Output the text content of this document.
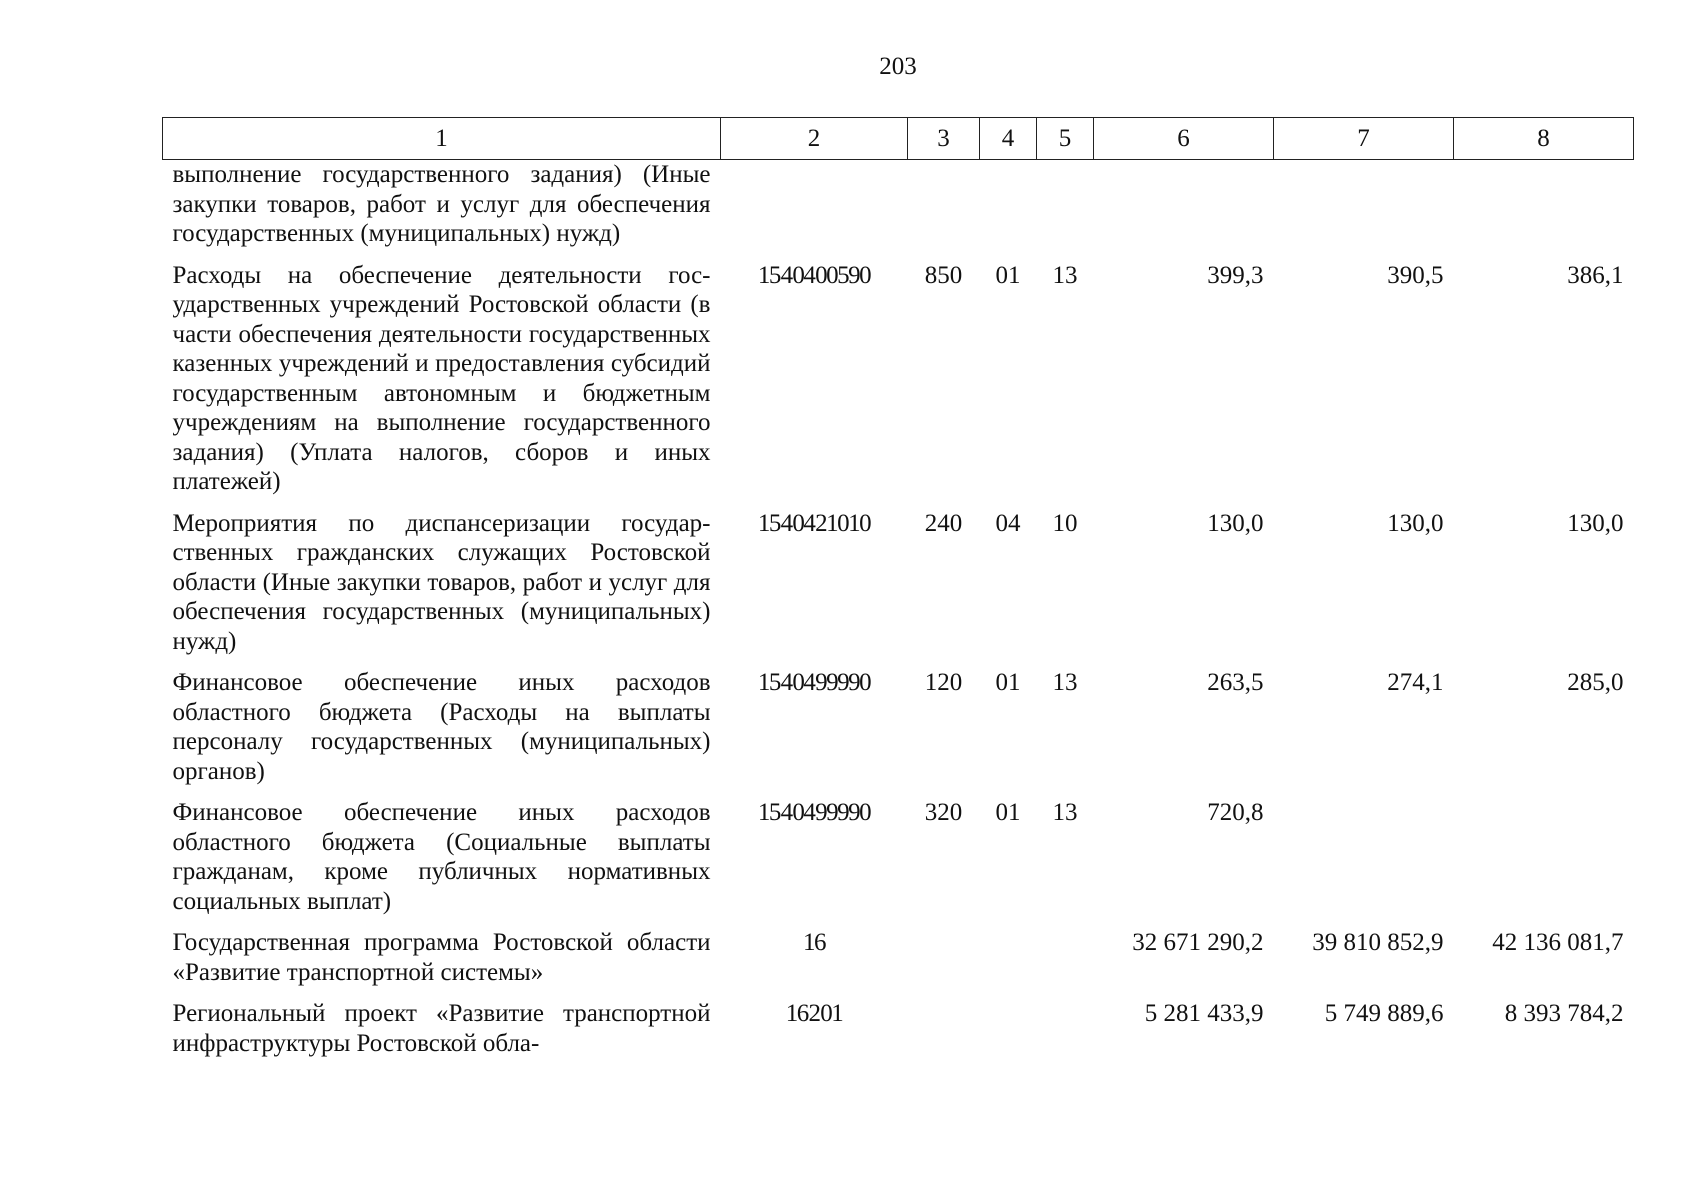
203
1	2	3	4	5	6	7	8
выполнение государственного задания) (Иные закупки товаров, работ и услуг для обеспечения государственных (муниципальных) нужд)							
Расходы на обеспечение деятельности государственных учреждений Ростовской области (в части обеспечения деятельности государственных казенных учреждений и предоставления субсидий государственным автономным и бюджетным учреждениям на выполнение государственного задания) (Уплата налогов, сборов и иных платежей)	15 4 04 00590	850	01	13	399,3	390,5	386,1
Мероприятия по диспансеризации государственных гражданских служащих Ростовской области (Иные закупки товаров, работ и услуг для обеспечения государственных (муниципальных) нужд)	15 4 04 21010	240	04	10	130,0	130,0	130,0
Финансовое обеспечение иных расходов областного бюджета (Расходы на выплаты персоналу государственных (муниципальных) органов)	15 4 04 99990	120	01	13	263,5	274,1	285,0
Финансовое обеспечение иных расходов областного бюджета (Социальные выплаты гражданам, кроме публичных нормативных социальных выплат)	15 4 04 99990	320	01	13	720,8		
Государственная программа Ростовской области «Развитие транспортной системы»	16				32 671 290,2	39 810 852,9	42 136 081,7
Региональный проект «Развитие транспортной инфраструктуры Ростовской обла-	16 2 01				5 281 433,9	5 749 889,6	8 393 784,2
